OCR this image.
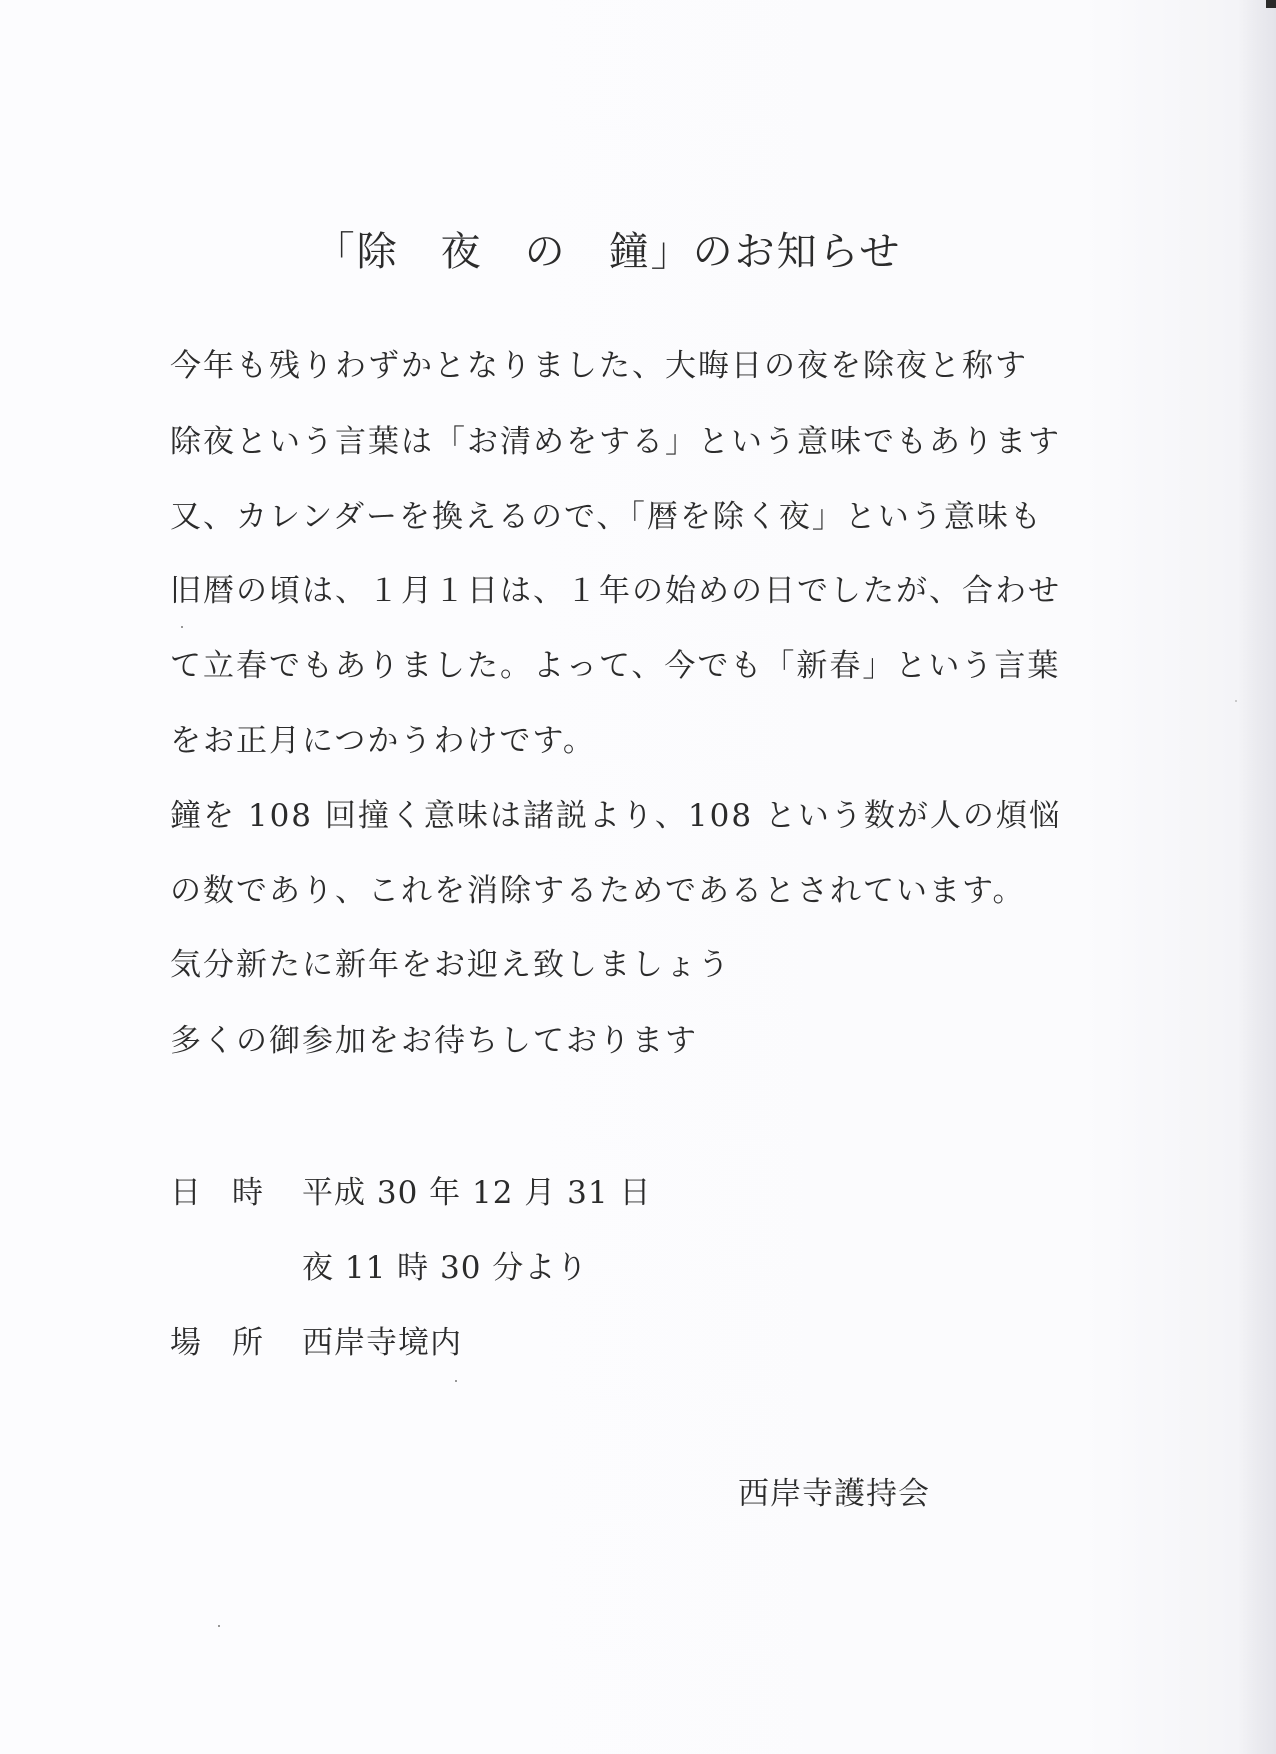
「除　夜　の　鐘」のお知らせ
今年も残りわずかとなりました、大晦日の夜を除夜と称す
除夜という言葉は「お清めをする」という意味でもあります
又、カレンダーを換えるので、「暦を除く夜」という意味も
旧暦の頃は、１月１日は、１年の始めの日でしたが、合わせ
て立春でもありました。よって、今でも「新春」という言葉
をお正月につかうわけです。
鐘を 108 回撞く意味は諸説より、108 という数が人の煩悩
の数であり、これを消除するためであるとされています。
気分新たに新年をお迎え致しましょう
多くの御参加をお待ちしております
日　時 平成 30 年 12 月 31 日
夜 11 時 30 分より
場　所 西岸寺境内
西岸寺護持会
